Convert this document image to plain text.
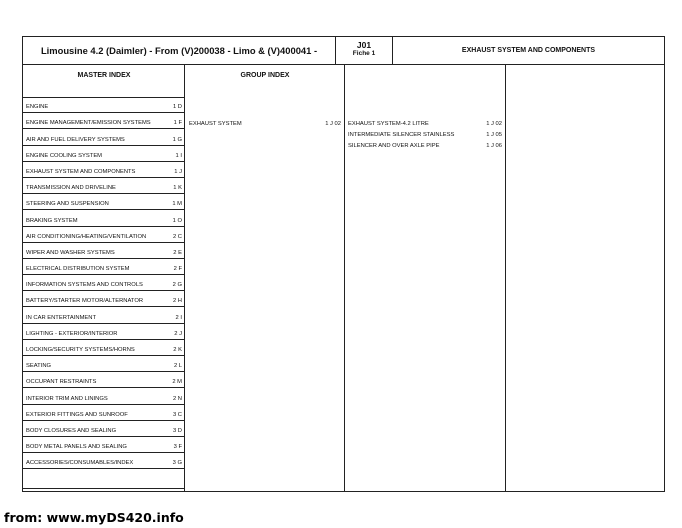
Limousine 4.2 (Daimler) - From (V)200038 - Limo & (V)400041 -	J01
Fiche 1	EXHAUST SYSTEM AND COMPONENTS
MASTER INDEX	GROUP INDEX
ENGINE	1 D
ENGINE MANAGEMENT/EMISSION SYSTEMS	1 F
AIR AND FUEL DELIVERY SYSTEMS	1 G
ENGINE COOLING SYSTEM	1 I
EXHAUST SYSTEM AND COMPONENTS	1 J
TRANSMISSION AND DRIVELINE	1 K
STEERING AND SUSPENSION	1 M
BRAKING SYSTEM	1 O
AIR CONDITIONING/HEATING/VENTILATION	2 C
WIPER AND WASHER SYSTEMS	2 E
ELECTRICAL DISTRIBUTION SYSTEM	2 F
INFORMATION SYSTEMS AND CONTROLS	2 G
BATTERY/STARTER MOTOR/ALTERNATOR	2 H
IN CAR ENTERTAINMENT	2 I
LIGHTING - EXTERIOR/INTERIOR	2 J
LOCKING/SECURITY SYSTEMS/HORNS	2 K
SEATING	2 L
OCCUPANT RESTRAINTS	2 M
INTERIOR TRIM AND LININGS	2 N
EXTERIOR FITTINGS AND SUNROOF	3 C
BODY CLOSURES AND SEALING	3 D
BODY METAL PANELS AND SEALING	3 F
ACCESSORIES/CONSUMABLES/INDEX	3 G
EXHAUST SYSTEM	1 J 02 EXHAUST SYSTEM-4.2 LITRE	1 J 02
INTERMEDIATE SILENCER STAINLESS	1 J 05
SILENCER AND OVER AXLE PIPE	1 J 06
from: www.myDS420.info
